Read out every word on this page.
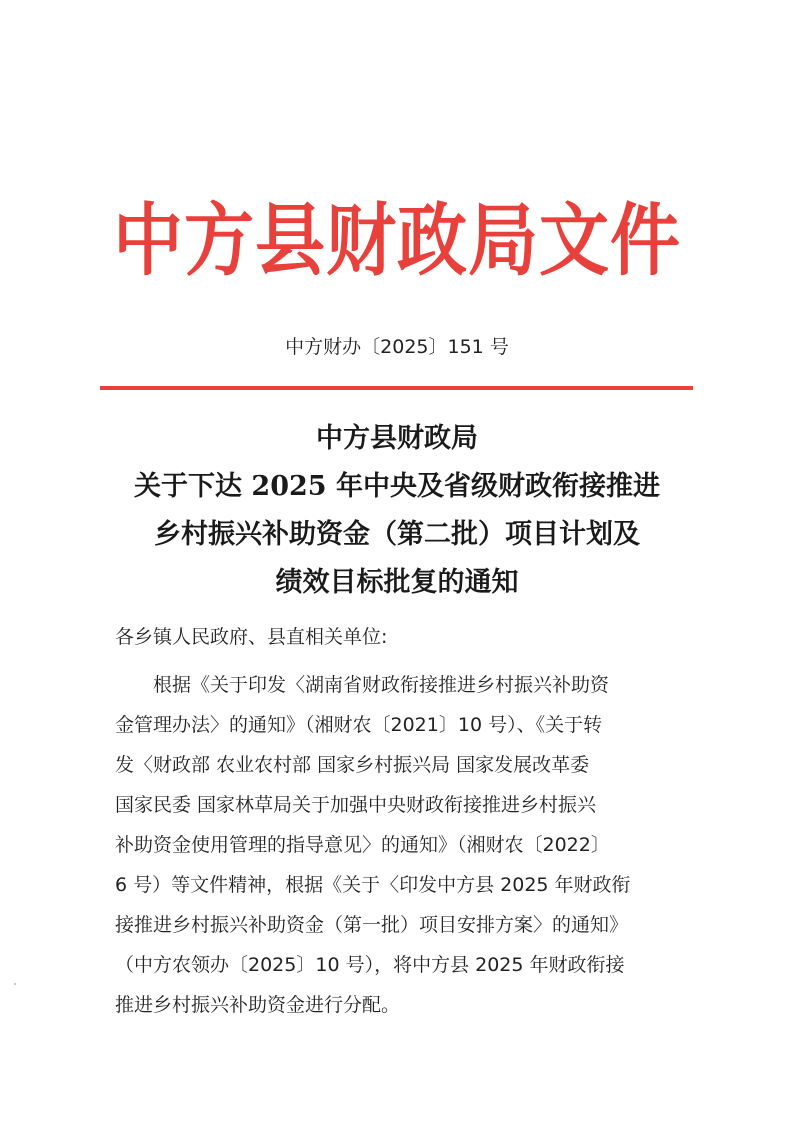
中方县财政局文件
中方财办〔2025〕151 号
中方县财政局
关于下达 2025 年中央及省级财政衔接推进
乡村振兴补助资金（第二批）项目计划及
绩效目标批复的通知
各乡镇人民政府、县直相关单位:
根据《关于印发〈湖南省财政衔接推进乡村振兴补助资
金管理办法〉的通知》（湘财农〔2021〕10 号）、《关于转
发〈财政部 农业农村部 国家乡村振兴局 国家发展改革委
国家民委 国家林草局关于加强中央财政衔接推进乡村振兴
补助资金使用管理的指导意见〉的通知》（湘财农〔2022〕
6 号）等文件精神，根据《关于〈印发中方县 2025 年财政衔
接推进乡村振兴补助资金（第一批）项目安排方案〉的通知》
（中方农领办〔2025〕10 号），将中方县 2025 年财政衔接
推进乡村振兴补助资金进行分配。
